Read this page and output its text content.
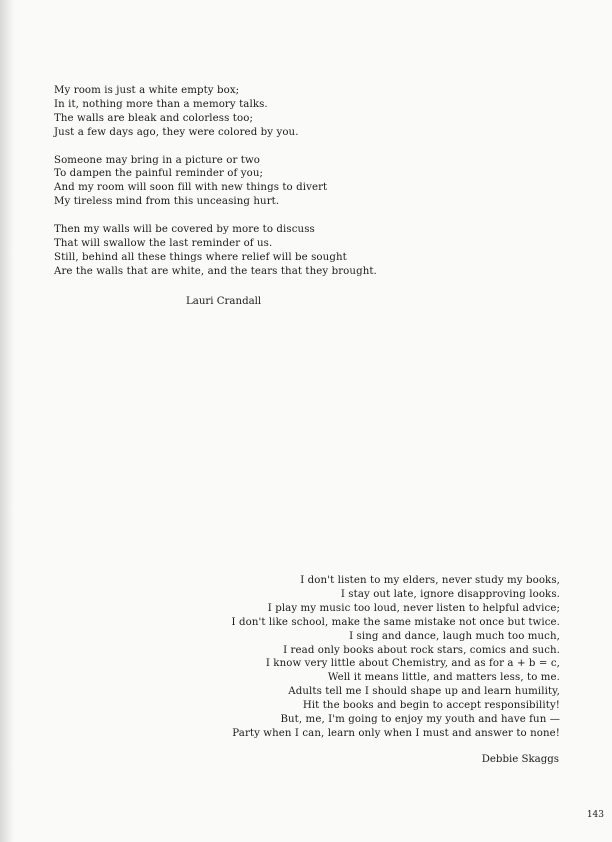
My room is just a white empty box;
In it, nothing more than a memory talks.
The walls are bleak and colorless too;
Just a few days ago, they were colored by you.
Someone may bring in a picture or two
To dampen the painful reminder of you;
And my room will soon fill with new things to divert
My tireless mind from this unceasing hurt.
Then my walls will be covered by more to discuss
That will swallow the last reminder of us.
Still, behind all these things where relief will be sought
Are the walls that are white, and the tears that they brought.
Lauri Crandall
I don't listen to my elders, never study my books,
I stay out late, ignore disapproving looks.
I play my music too loud, never listen to helpful advice;
I don't like school, make the same mistake not once but twice.
I sing and dance, laugh much too much,
I read only books about rock stars, comics and such.
I know very little about Chemistry, and as for a + b = c,
Well it means little, and matters less, to me.
Adults tell me I should shape up and learn humility,
Hit the books and begin to accept responsibility!
But, me, I'm going to enjoy my youth and have fun —
Party when I can, learn only when I must and answer to none!
Debbie Skaggs
143
